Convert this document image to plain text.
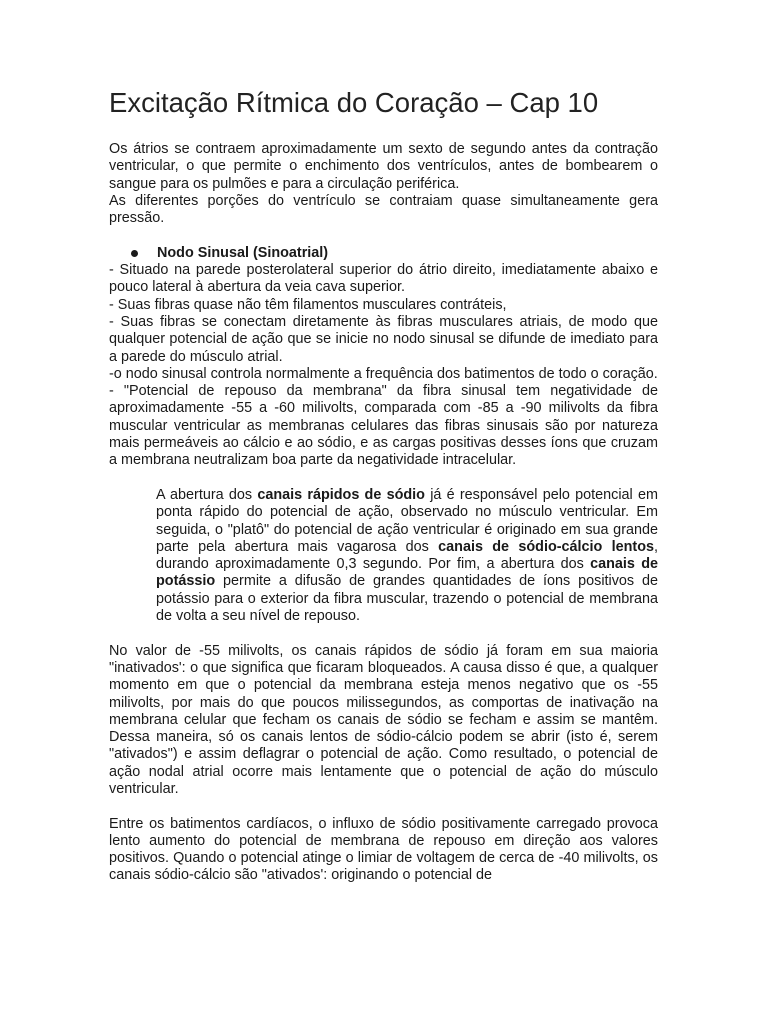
Excitação Rítmica do Coração – Cap 10

Os átrios se contraem aproximadamente um sexto de segundo antes da contração ventricular, o que permite o enchimento dos ventrículos, antes de bombearem o sangue para os pulmões e para a circulação periférica.

As diferentes porções do ventrículo se contraiam quase simultaneamente gera pressão.

Nodo Sinusal (Sinoatrial)

- Situado na parede posterolateral superior do átrio direito, imediatamente abaixo e pouco lateral à abertura da veia cava superior.

- Suas fibras quase não têm filamentos musculares contráteis,

- Suas fibras se conectam diretamente às fibras musculares atriais, de modo que qualquer potencial de ação que se inicie no nodo sinusal se difunde de imediato para a parede do músculo atrial.

-o nodo sinusal controla normalmente a frequência dos batimentos de todo o coração.

- "Potencial de repouso da membrana" da fibra sinusal tem negatividade de aproximadamente -55 a -60 milivolts, comparada com -85 a -90 milivolts da fibra muscular ventricular as membranas celulares das fibras sinusais são por natureza mais permeáveis ao cálcio e ao sódio, e as cargas positivas desses íons que cruzam a membrana neutralizam boa parte da negatividade intracelular.

A abertura dos canais rápidos de sódio já é responsável pelo potencial em ponta rápido do potencial de ação, observado no músculo ventricular. Em seguida, o "platô" do potencial de ação ventricular é originado em sua grande parte pela abertura mais vagarosa dos canais de sódio-cálcio lentos, durando aproximadamente 0,3 segundo. Por fim, a abertura dos canais de potássio permite a difusão de grandes quantidades de íons positivos de potássio para o exterior da fibra muscular, trazendo o potencial de membrana de volta a seu nível de repouso.

No valor de -55 milivolts, os canais rápidos de sódio já foram em sua maioria "inativados': o que significa que ficaram bloqueados. A causa disso é que, a qualquer momento em que o potencial da membrana esteja menos negativo que os -55 milivolts, por mais do que poucos milissegundos, as comportas de inativação na membrana celular que fecham os canais de sódio se fecham e assim se mantêm. Dessa maneira, só os canais lentos de sódio-cálcio podem se abrir (isto é, serem "ativados") e assim deflagrar o potencial de ação. Como resultado, o potencial de ação nodal atrial ocorre mais lentamente que o potencial de ação do músculo ventricular.

Entre os batimentos cardíacos, o influxo de sódio positivamente carregado provoca lento aumento do potencial de membrana de repouso em direção aos valores positivos. Quando o potencial atinge o limiar de voltagem de cerca de -40 milivolts, os canais sódio-cálcio são "ativados': originando o potencial de
